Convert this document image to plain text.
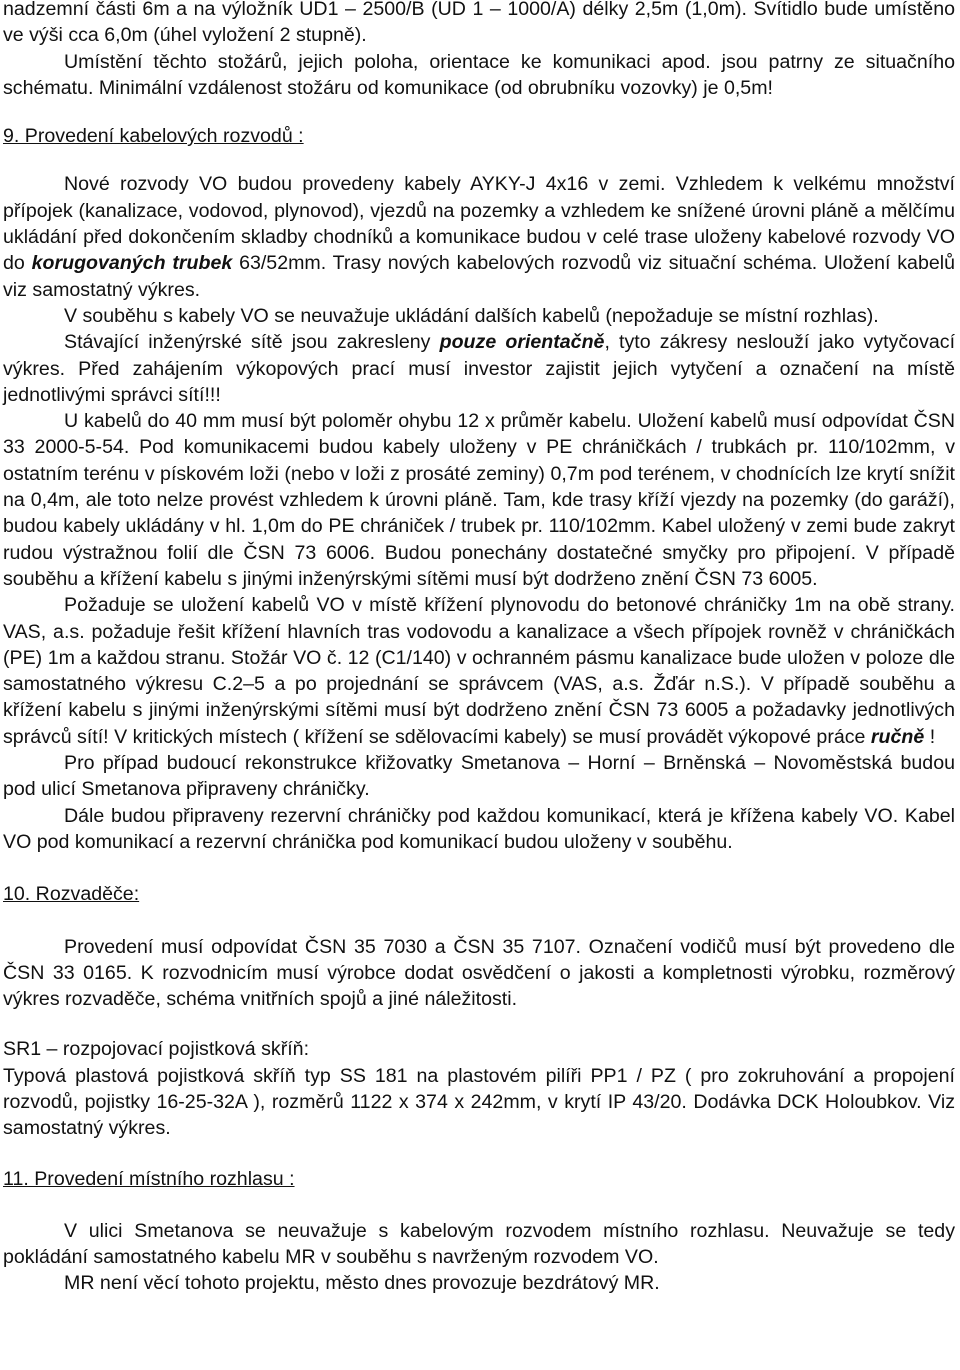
nadzemní části 6m a na výložník UD1 – 2500/B (UD 1 – 1000/A) délky 2,5m (1,0m). Svítidlo bude umístěno ve výši cca 6,0m (úhel vyložení 2 stupně).

Umístění těchto stožárů, jejich poloha, orientace ke komunikaci apod. jsou patrny ze situačního schématu. Minimální vzdálenost stožáru od komunikace (od obrubníku vozovky) je 0,5m!

9. Provedení kabelových rozvodů :

Nové rozvody VO budou provedeny kabely AYKY-J 4x16 v zemi. Vzhledem k velkému množství přípojek (kanalizace, vodovod, plynovod), vjezdů na pozemky a vzhledem ke snížené úrovni pláně a mělčímu ukládání před dokončením skladby chodníků a komunikace budou v celé trase uloženy kabelové rozvody VO do korugovaných trubek 63/52mm. Trasy nových kabelových rozvodů viz situační schéma. Uložení kabelů viz samostatný výkres.

V souběhu s kabely VO se neuvažuje ukládání dalších kabelů (nepožaduje se místní rozhlas).

Stávající inženýrské sítě jsou zakresleny pouze orientačně, tyto zákresy neslouží jako vytyčovací výkres. Před zahájením výkopových prací musí investor zajistit jejich vytyčení a označení na místě jednotlivými správci sítí!!!

U kabelů do 40 mm musí být poloměr ohybu 12 x průměr kabelu. Uložení kabelů musí odpovídat ČSN 33 2000-5-54. Pod komunikacemi budou kabely uloženy v PE chráničkách / trubkách pr. 110/102mm, v ostatním terénu v pískovém loži (nebo v loži z prosáté zeminy) 0,7m pod terénem, v chodnících lze krytí snížit na 0,4m, ale toto nelze provést vzhledem k úrovni pláně. Tam, kde trasy kříží vjezdy na pozemky (do garáží), budou kabely ukládány v hl. 1,0m do PE chrániček / trubek pr. 110/102mm. Kabel uložený v zemi bude zakryt rudou výstražnou folií dle ČSN 73 6006. Budou ponechány dostatečné smyčky pro připojení. V případě souběhu a křížení kabelu s jinými inženýrskými sítěmi musí být dodrženo znění ČSN 73 6005.

Požaduje se uložení kabelů VO v místě křížení plynovodu do betonové chráničky 1m na obě strany. VAS, a.s. požaduje řešit křížení hlavních tras vodovodu a kanalizace a všech přípojek rovněž v chráničkách (PE) 1m a každou stranu. Stožár VO č. 12 (C1/140) v ochranném pásmu kanalizace bude uložen v poloze dle samostatného výkresu C.2–5 a po projednání se správcem (VAS, a.s. Žďár n.S.). V případě souběhu a křížení kabelu s jinými inženýrskými sítěmi musí být dodrženo znění ČSN 73 6005 a požadavky jednotlivých správců sítí! V kritických místech ( křížení se sdělovacími kabely) se musí provádět výkopové práce ručně !

Pro případ budoucí rekonstrukce křižovatky Smetanova – Horní – Brněnská – Novoměstská budou pod ulicí Smetanova připraveny chráničky.

Dále budou připraveny rezervní chráničky pod každou komunikací, která je křížena kabely VO. Kabel VO pod komunikací a rezervní chránička pod komunikací budou uloženy v souběhu.

10. Rozvaděče:

Provedení musí odpovídat ČSN 35 7030 a ČSN 35 7107. Označení vodičů musí být provedeno dle ČSN 33 0165. K rozvodnicím musí výrobce dodat osvědčení o jakosti a kompletnosti výrobku, rozměrový výkres rozvaděče, schéma vnitřních spojů a jiné náležitosti.

SR1 – rozpojovací pojistková skříň:

Typová plastová pojistková skříň typ SS 181 na plastovém pilíři PP1 / PZ ( pro zokruhování a propojení rozvodů, pojistky 16-25-32A ), rozměrů 1122 x 374 x 242mm, v krytí IP 43/20. Dodávka DCK Holoubkov. Viz samostatný výkres.

11. Provedení místního rozhlasu :

V ulici Smetanova se neuvažuje s kabelovým rozvodem místního rozhlasu. Neuvažuje se tedy pokládání samostatného kabelu MR v souběhu s navrženým rozvodem VO.

MR není věcí tohoto projektu, město dnes provozuje bezdrátový MR.
